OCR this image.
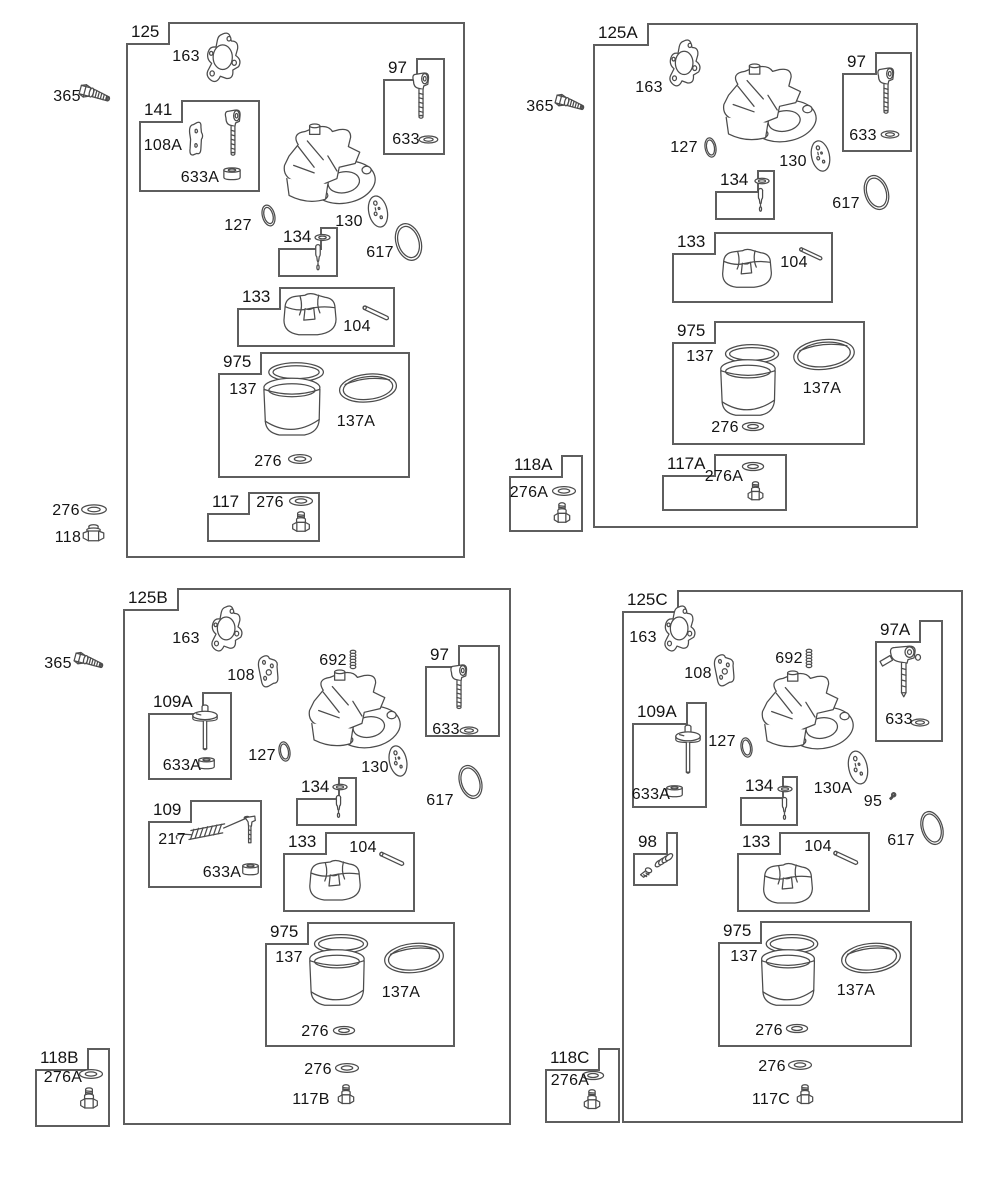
125
141
97
134
133
975
117
125A
97
134
133
975
117A
118A
125B
97
109A
134
109
133
975
118B
125C
97A
109A
134
98	133
975
118C
163
108A
633A
633
127	130
617
104
137
137A
276
276
365
276
118
163
127
130
633
617
104
137
137A
276
276A
276A
365
163
108
692
633
633A
127
130
617
217
633A
104
137
137A
276
276
117B
365
276A
163
108
692
633
633A
127
130A
95
617
104
137
137A
276
276
117C
276A
